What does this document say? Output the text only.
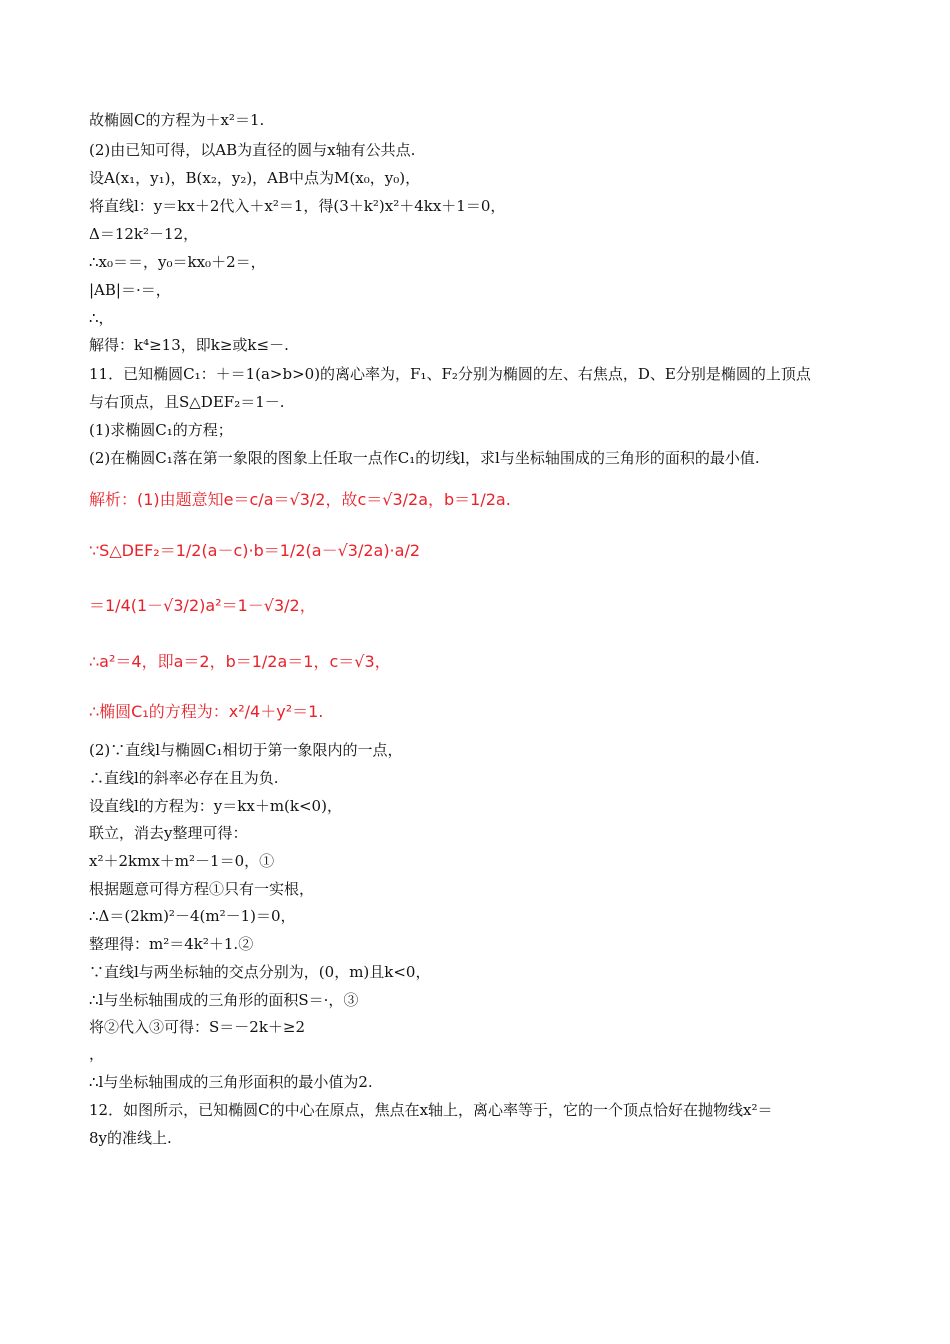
故椭圆C的方程为＋x²＝1.
(2)由已知可得，以AB为直径的圆与x轴有公共点.
设A(x₁，y₁)，B(x₂，y₂)，AB中点为M(x₀，y₀)，
将直线l：y＝kx＋2代入＋x²＝1，得(3＋k²)x²＋4kx＋1＝0，
Δ＝12k²－12，
∴x₀＝＝，y₀＝kx₀＋2＝，
|AB|＝·＝，
∴，
解得：k⁴≥13，即k≥或k≤－.
11．已知椭圆C₁：＋＝1(a>b>0)的离心率为，F₁、F₂分别为椭圆的左、右焦点，D、E分别是椭圆的上顶点
与右顶点，且S△DEF₂＝1－.
(1)求椭圆C₁的方程；
(2)在椭圆C₁落在第一象限的图象上任取一点作C₁的切线l，求l与坐标轴围成的三角形的面积的最小值.
解析：(1)由题意知e＝c/a＝√3/2，故c＝√3/2a，b＝1/2a.
∵S△DEF₂＝1/2(a－c)·b＝1/2(a－√3/2a)·a/2
＝1/4(1－√3/2)a²＝1－√3/2，
∴a²＝4，即a＝2，b＝1/2a＝1，c＝√3，
∴椭圆C₁的方程为：x²/4＋y²＝1.
(2)∵直线l与椭圆C₁相切于第一象限内的一点，
∴直线l的斜率必存在且为负.
设直线l的方程为：y＝kx＋m(k<0)，
联立，消去y整理可得：
x²＋2kmx＋m²－1＝0，①
根据题意可得方程①只有一实根，
∴Δ＝(2km)²－4(m²－1)＝0，
整理得：m²＝4k²＋1.②
∵直线l与两坐标轴的交点分别为，(0，m)且k<0，
∴l与坐标轴围成的三角形的面积S＝·，③
将②代入③可得：S＝－2k＋≥2
，
∴l与坐标轴围成的三角形面积的最小值为2.
12．如图所示，已知椭圆C的中心在原点，焦点在x轴上，离心率等于，它的一个顶点恰好在抛物线x²＝
8y的准线上.
